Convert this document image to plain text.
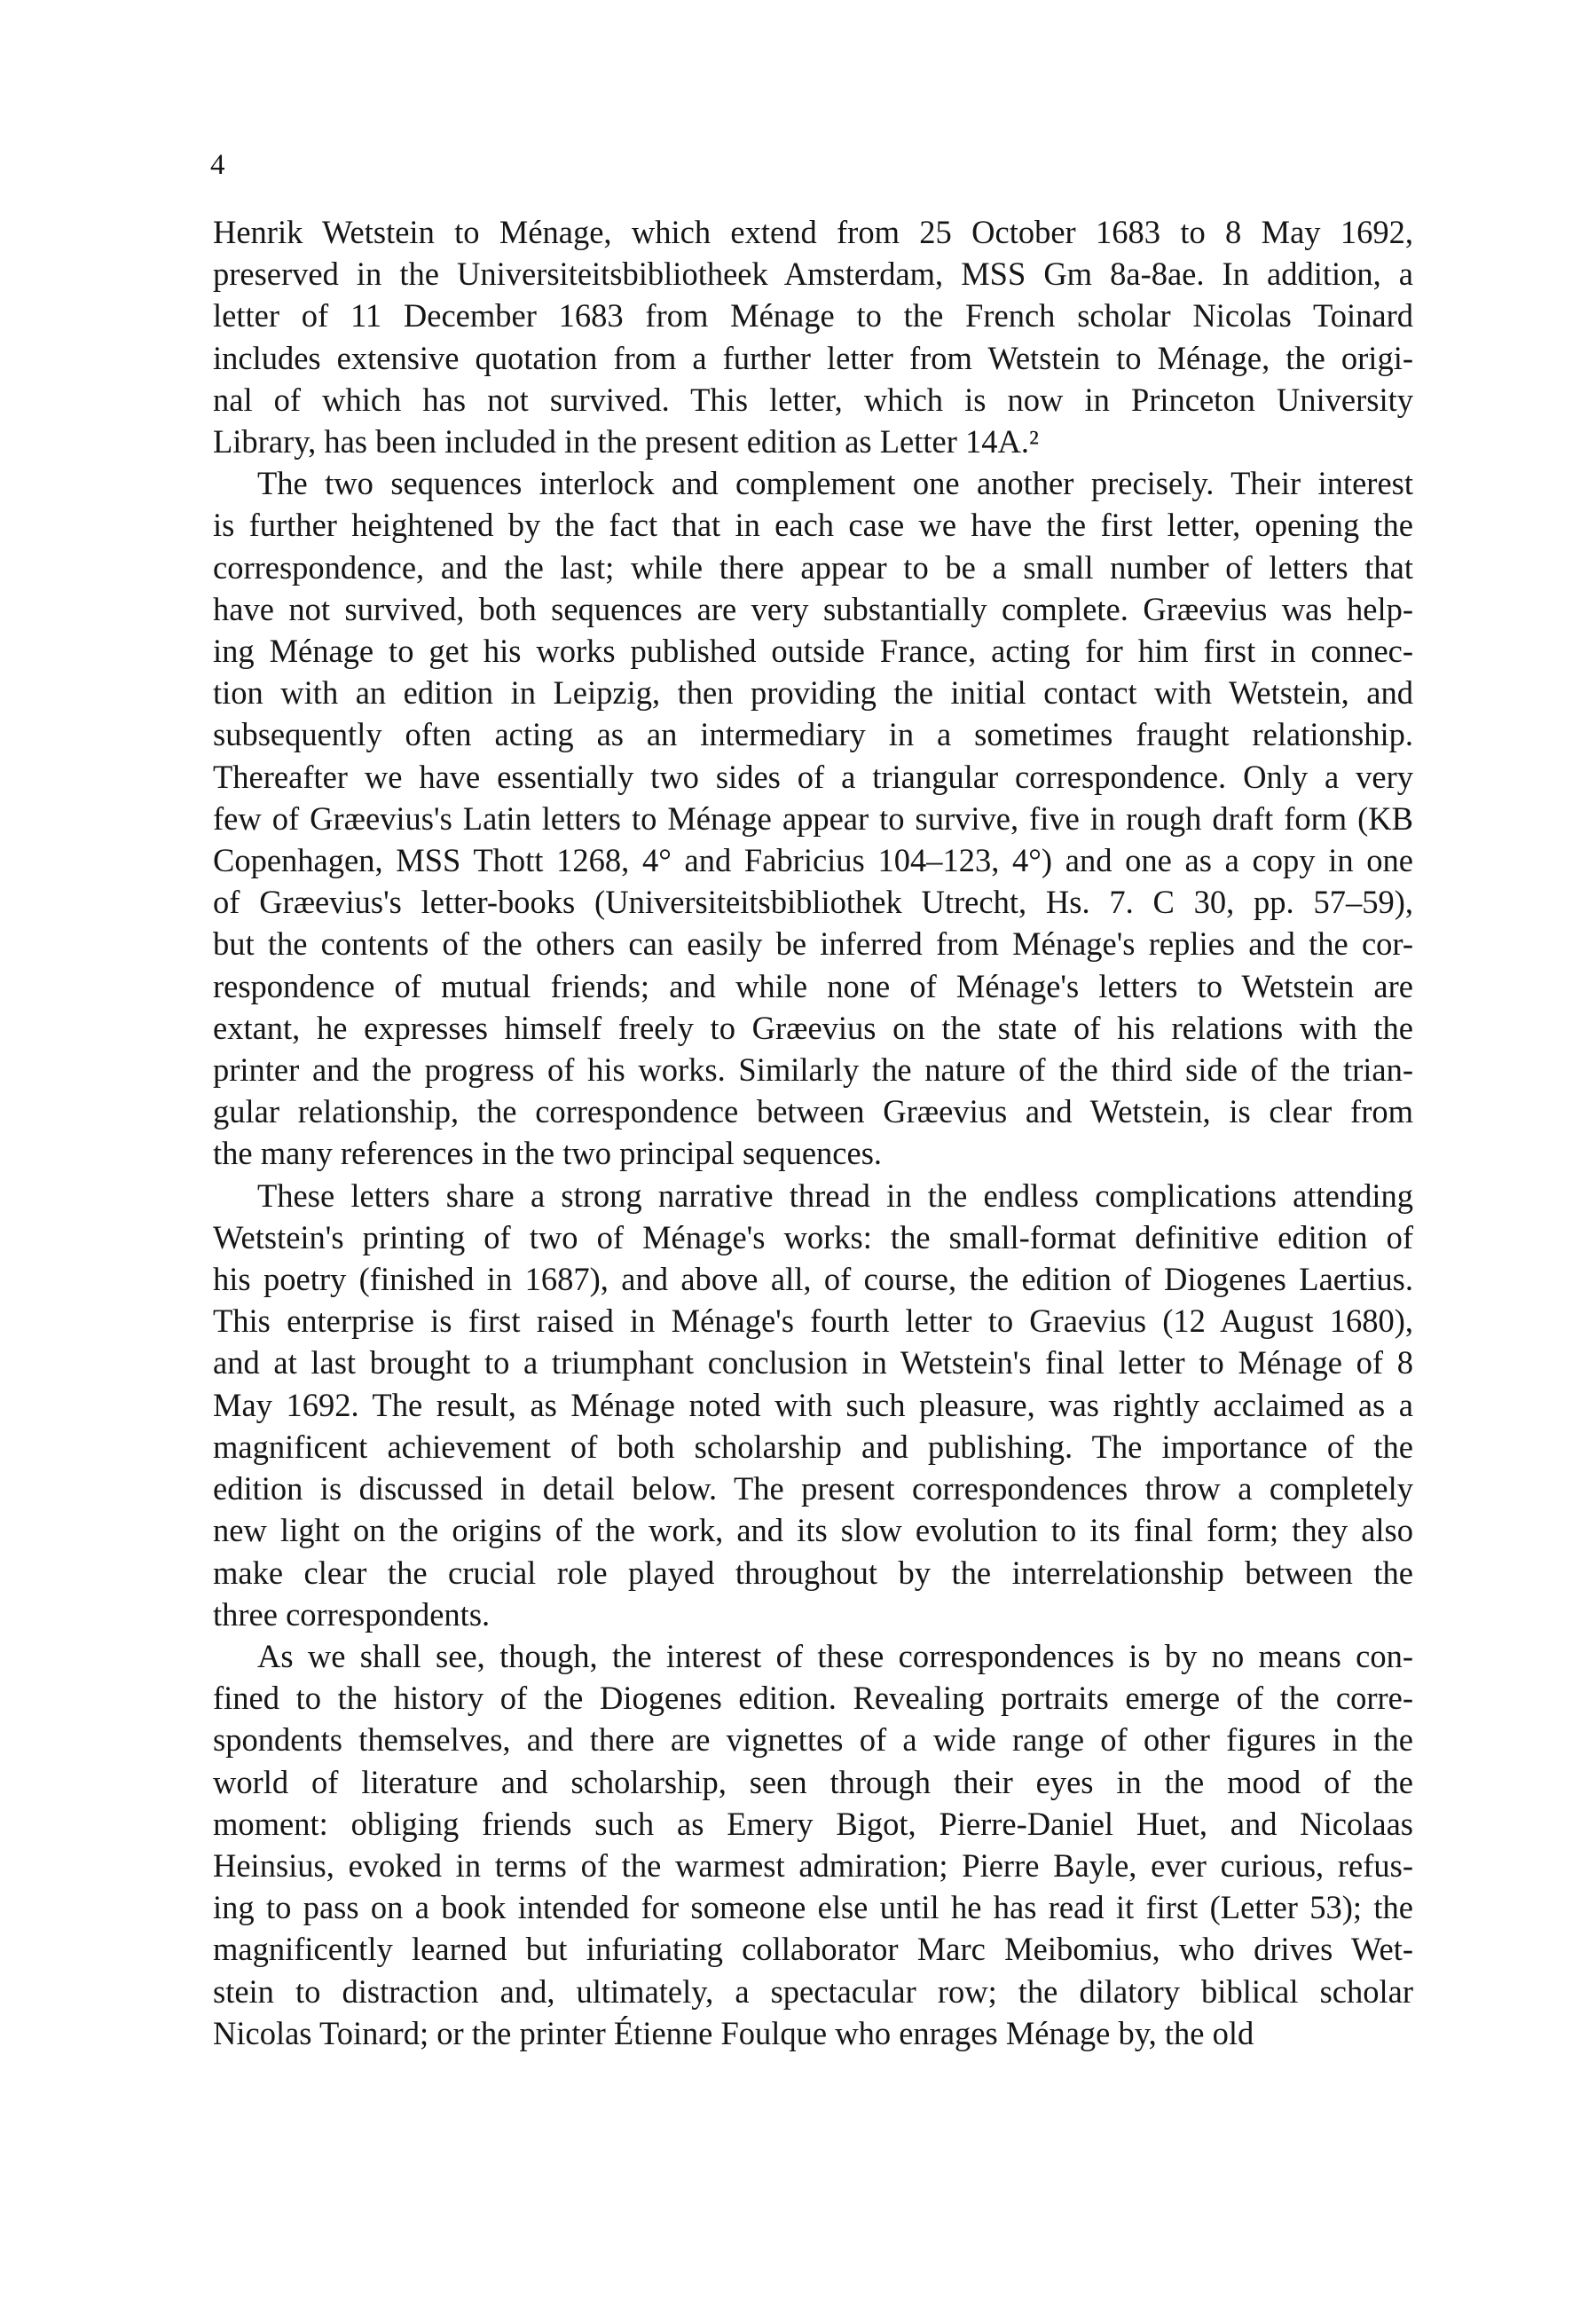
4
Henrik Wetstein to Ménage, which extend from 25 October 1683 to 8 May 1692,
preserved in the Universiteitsbibliotheek Amsterdam, MSS Gm 8a-8ae. In addition, a
letter of 11 December 1683 from Ménage to the French scholar Nicolas Toinard
includes extensive quotation from a further letter from Wetstein to Ménage, the origi-
nal of which has not survived. This letter, which is now in Princeton University
Library, has been included in the present edition as Letter 14A.²
The two sequences interlock and complement one another precisely. Their interest
is further heightened by the fact that in each case we have the first letter, opening the
correspondence, and the last; while there appear to be a small number of letters that
have not survived, both sequences are very substantially complete. Græevius was help-
ing Ménage to get his works published outside France, acting for him first in connec-
tion with an edition in Leipzig, then providing the initial contact with Wetstein, and
subsequently often acting as an intermediary in a sometimes fraught relationship.
Thereafter we have essentially two sides of a triangular correspondence. Only a very
few of Græevius's Latin letters to Ménage appear to survive, five in rough draft form (KB
Copenhagen, MSS Thott 1268, 4° and Fabricius 104–123, 4°) and one as a copy in one
of Græevius's letter-books (Universiteitsbibliothek Utrecht, Hs. 7. C 30, pp. 57–59),
but the contents of the others can easily be inferred from Ménage's replies and the cor-
respondence of mutual friends; and while none of Ménage's letters to Wetstein are
extant, he expresses himself freely to Græevius on the state of his relations with the
printer and the progress of his works. Similarly the nature of the third side of the trian-
gular relationship, the correspondence between Græevius and Wetstein, is clear from
the many references in the two principal sequences.
These letters share a strong narrative thread in the endless complications attending
Wetstein's printing of two of Ménage's works: the small-format definitive edition of
his poetry (finished in 1687), and above all, of course, the edition of Diogenes Laertius.
This enterprise is first raised in Ménage's fourth letter to Graevius (12 August 1680),
and at last brought to a triumphant conclusion in Wetstein's final letter to Ménage of 8
May 1692. The result, as Ménage noted with such pleasure, was rightly acclaimed as a
magnificent achievement of both scholarship and publishing. The importance of the
edition is discussed in detail below. The present correspondences throw a completely
new light on the origins of the work, and its slow evolution to its final form; they also
make clear the crucial role played throughout by the interrelationship between the
three correspondents.
As we shall see, though, the interest of these correspondences is by no means con-
fined to the history of the Diogenes edition. Revealing portraits emerge of the corre-
spondents themselves, and there are vignettes of a wide range of other figures in the
world of literature and scholarship, seen through their eyes in the mood of the
moment: obliging friends such as Emery Bigot, Pierre-Daniel Huet, and Nicolaas
Heinsius, evoked in terms of the warmest admiration; Pierre Bayle, ever curious, refus-
ing to pass on a book intended for someone else until he has read it first (Letter 53); the
magnificently learned but infuriating collaborator Marc Meibomius, who drives Wet-
stein to distraction and, ultimately, a spectacular row; the dilatory biblical scholar
Nicolas Toinard; or the printer Étienne Foulque who enrages Ménage by, the old
